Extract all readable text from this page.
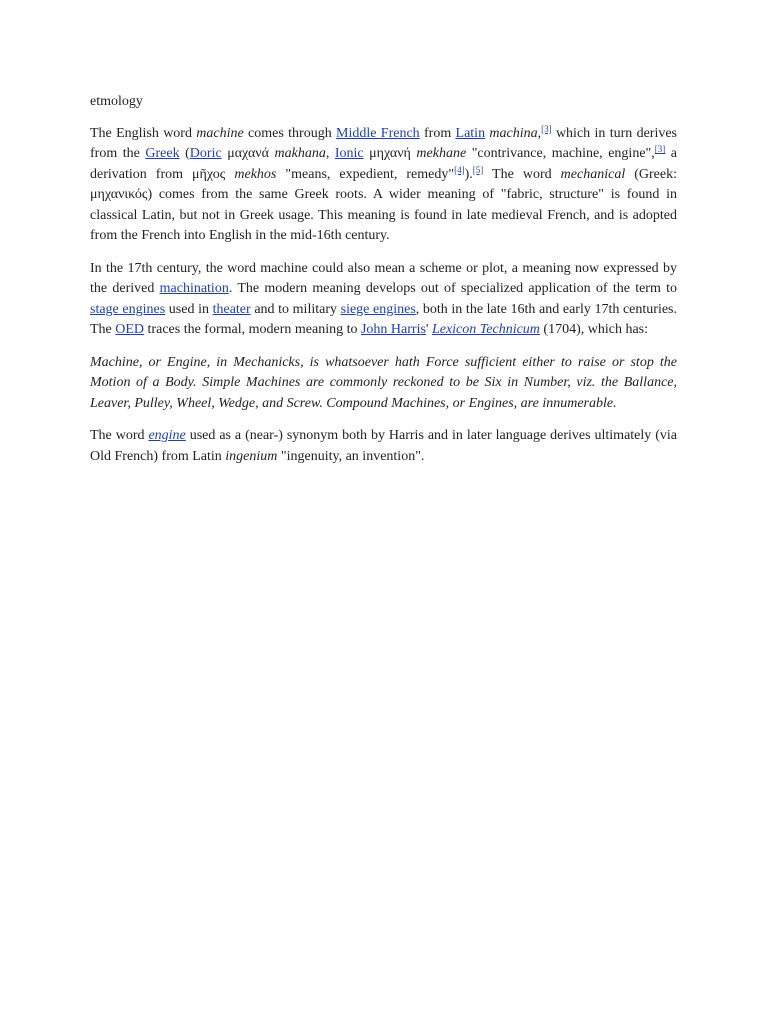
etmology

The English word machine comes through Middle French from Latin machina,[3] which in turn derives from the Greek (Doric μαχανά makhana, Ionic μηχανή mekhane "contrivance, machine, engine",[3] a derivation from μῆχος mekhos "means, expedient, remedy"[4]).[5] The word mechanical (Greek: μηχανικός) comes from the same Greek roots. A wider meaning of "fabric, structure" is found in classical Latin, but not in Greek usage. This meaning is found in late medieval French, and is adopted from the French into English in the mid-16th century.

In the 17th century, the word machine could also mean a scheme or plot, a meaning now expressed by the derived machination. The modern meaning develops out of specialized application of the term to stage engines used in theater and to military siege engines, both in the late 16th and early 17th centuries. The OED traces the formal, modern meaning to John Harris' Lexicon Technicum (1704), which has:

Machine, or Engine, in Mechanicks, is whatsoever hath Force sufficient either to raise or stop the Motion of a Body. Simple Machines are commonly reckoned to be Six in Number, viz. the Ballance, Leaver, Pulley, Wheel, Wedge, and Screw. Compound Machines, or Engines, are innumerable.

The word engine used as a (near-) synonym both by Harris and in later language derives ultimately (via Old French) from Latin ingenium "ingenuity, an invention".
